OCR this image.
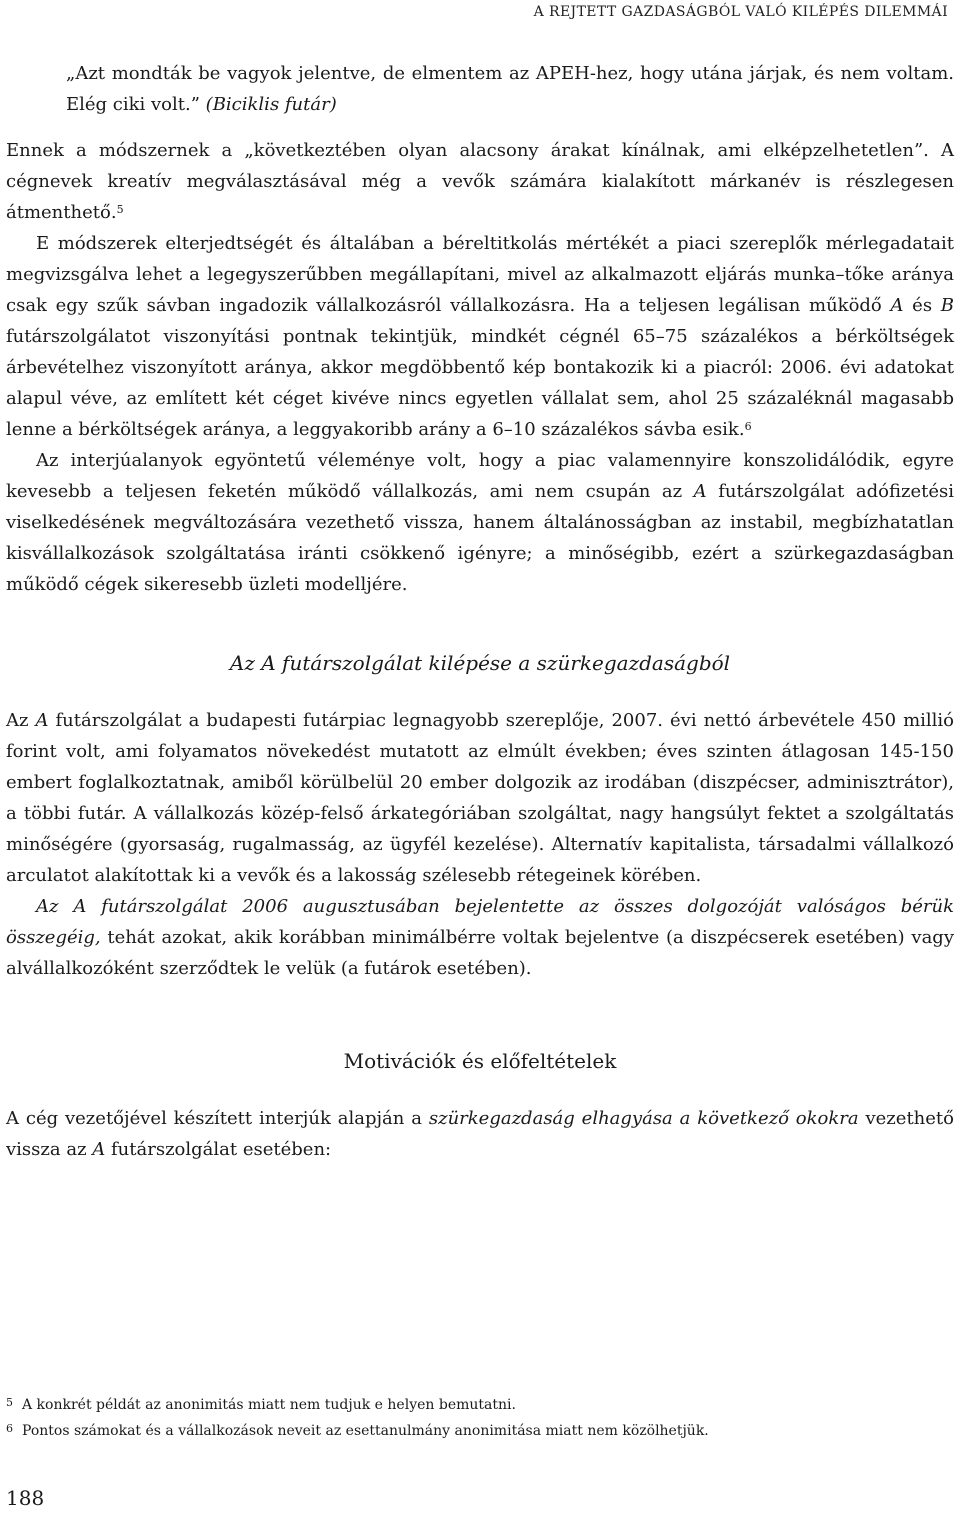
A REJTETT GAZDASÁGBÓL VALÓ KILÉPÉS DILEMMÁI

„Azt mondták be vagyok jelentve, de elmentem az APEH-hez, hogy utána járjak, és nem voltam. Elég ciki volt.” (Biciklis futár)

Ennek a módszernek a „következtében olyan alacsony árakat kínálnak, ami elképzelhetetlen”. A cégnevek kreatív megválasztásával még a vevők számára kialakított márkanév is részlegesen átmenthető.$^5$

E módszerek elterjedtségét és általában a béreltitkolás mértékét a piaci szereplők mérlegadatait megvizsgálva lehet a legegyszerűbben megállapítani, mivel az alkalmazott eljárás munka–tőke aránya csak egy szűk sávban ingadozik vállalkozásról vállalkozásra. Ha a teljesen legálisan működő A és B futárszolgálatot viszonyítási pontnak tekintjük, mindkét cégnél 65–75 százalékos a bérköltségek árbevételhez viszonyított aránya, akkor megdöbbentő kép bontakozik ki a piacról: 2006. évi adatokat alapul véve, az említett két céget kivéve nincs egyetlen vállalat sem, ahol 25 százaléknál magasabb lenne a bérköltségek aránya, a leggyakoribb arány a 6–10 százalékos sávba esik.$^6$

Az interjúalanyok egyöntetű véleménye volt, hogy a piac valamennyire konszolidálódik, egyre kevesebb a teljesen feketén működő vállalkozás, ami nem csupán az A futárszolgálat adófizetési viselkedésének megváltozására vezethető vissza, hanem általánosságban az instabil, megbízhatatlan kisvállalkozások szolgáltatása iránti csökkenő igényre; a minőségibb, ezért a szürkegazdaságban működő cégek sikeresebb üzleti modelljére.

Az A futárszolgálat kilépése a szürkegazdaságból

Az A futárszolgálat a budapesti futárpiac legnagyobb szereplője, 2007. évi nettó árbevétele 450 millió forint volt, ami folyamatos növekedést mutatott az elmúlt években; éves szinten átlagosan 145-150 embert foglalkoztatnak, amiből körülbelül 20 ember dolgozik az irodában (diszpécser, adminisztrátor), a többi futár. A vállalkozás közép-felső árkategóriában szolgáltat, nagy hangsúlyt fektet a szolgáltatás minőségére (gyorsaság, rugalmasság, az ügyfél kezelése). Alternatív kapitalista, társadalmi vállalkozó arculatot alakítottak ki a vevők és a lakosság szélesebb rétegeinek körében.

Az A futárszolgálat 2006 augusztusában bejelentette az összes dolgozóját valóságos bérük összegéig, tehát azokat, akik korábban minimálbérre voltak bejelentve (a diszpécserek esetében) vagy alvállalkozóként szerződtek le velük (a futárok esetében).

Motivációk és előfeltételek

A cég vezetőjével készített interjúk alapján a szürkegazdaság elhagyása a következő okokra vezethető vissza az A futárszolgálat esetében:

5 A konkrét példát az anonimitás miatt nem tudjuk e helyen bemutatni.
6 Pontos számokat és a vállalkozások neveit az esettanulmány anonimitása miatt nem közölhetjük.
188
